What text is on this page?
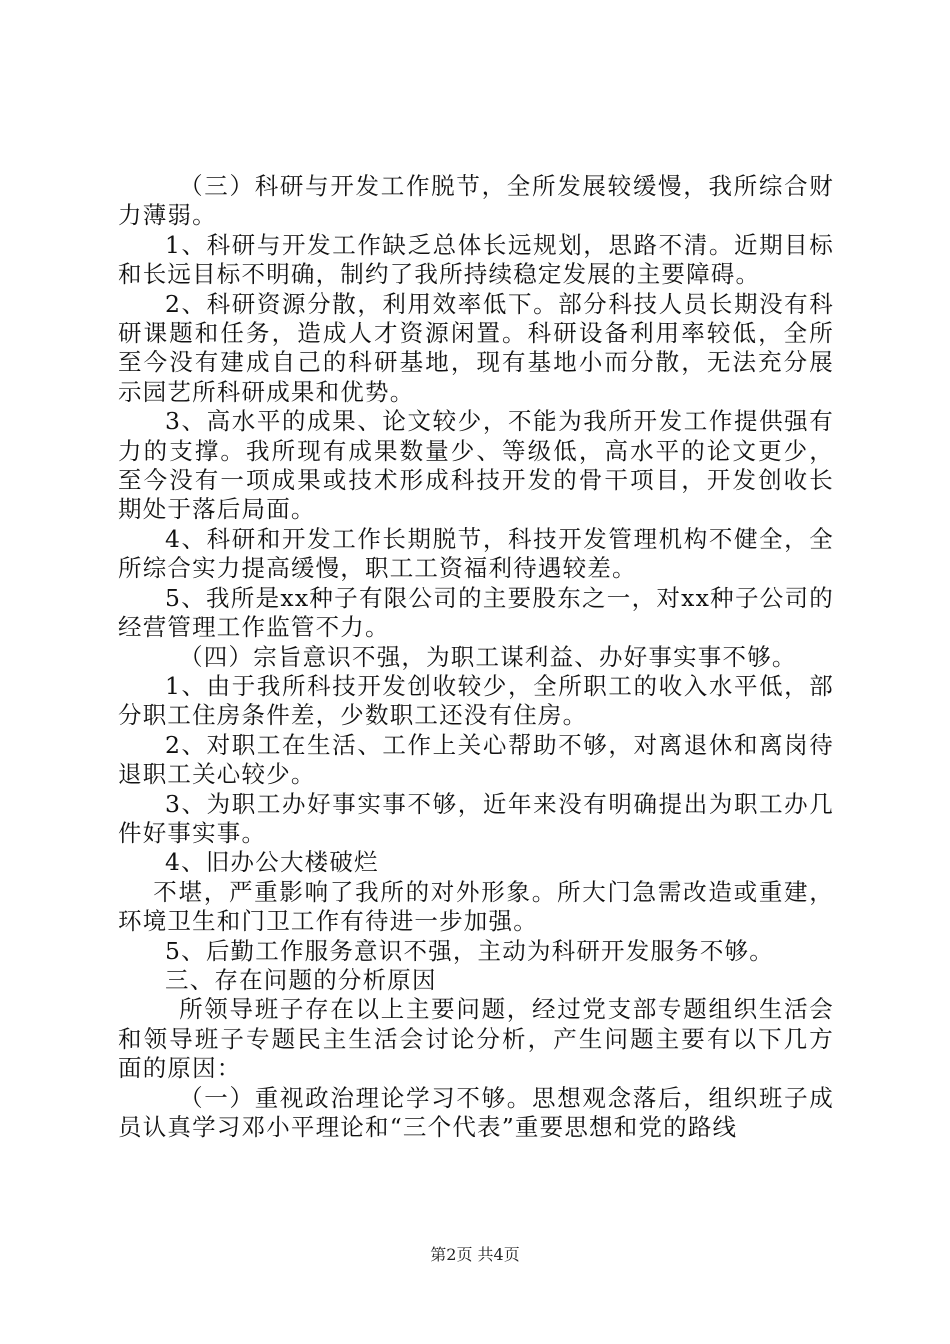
（三）科研与开发工作脱节，全所发展较缓慢，我所综合财力薄弱。

1、科研与开发工作缺乏总体长远规划，思路不清。近期目标和长远目标不明确，制约了我所持续稳定发展的主要障碍。

2、科研资源分散，利用效率低下。部分科技人员长期没有科研课题和任务，造成人才资源闲置。科研设备利用率较低，全所至今没有建成自己的科研基地，现有基地小而分散，无法充分展示园艺所科研成果和优势。

3、高水平的成果、论文较少，不能为我所开发工作提供强有力的支撑。我所现有成果数量少、等级低，高水平的论文更少，至今没有一项成果或技术形成科技开发的骨干项目，开发创收长期处于落后局面。

4、科研和开发工作长期脱节，科技开发管理机构不健全，全所综合实力提高缓慢，职工工资福利待遇较差。

5、我所是xx种子有限公司的主要股东之一，对xx种子公司的经营管理工作监管不力。

（四）宗旨意识不强，为职工谋利益、办好事实事不够。

1、由于我所科技开发创收较少，全所职工的收入水平低，部分职工住房条件差，少数职工还没有住房。

2、对职工在生活、工作上关心帮助不够，对离退休和离岗待退职工关心较少。

3、为职工办好事实事不够，近年来没有明确提出为职工办几件好事实事。

4、旧办公大楼破烂

不堪，严重影响了我所的对外形象。所大门急需改造或重建，环境卫生和门卫工作有待进一步加强。

5、后勤工作服务意识不强，主动为科研开发服务不够。

三、存在问题的分析原因

所领导班子存在以上主要问题，经过党支部专题组织生活会和领导班子专题民主生活会讨论分析，产生问题主要有以下几方面的原因：

（一）重视政治理论学习不够。思想观念落后，组织班子成员认真学习邓小平理论和“三个代表”重要思想和党的路线

第2页 共4页
